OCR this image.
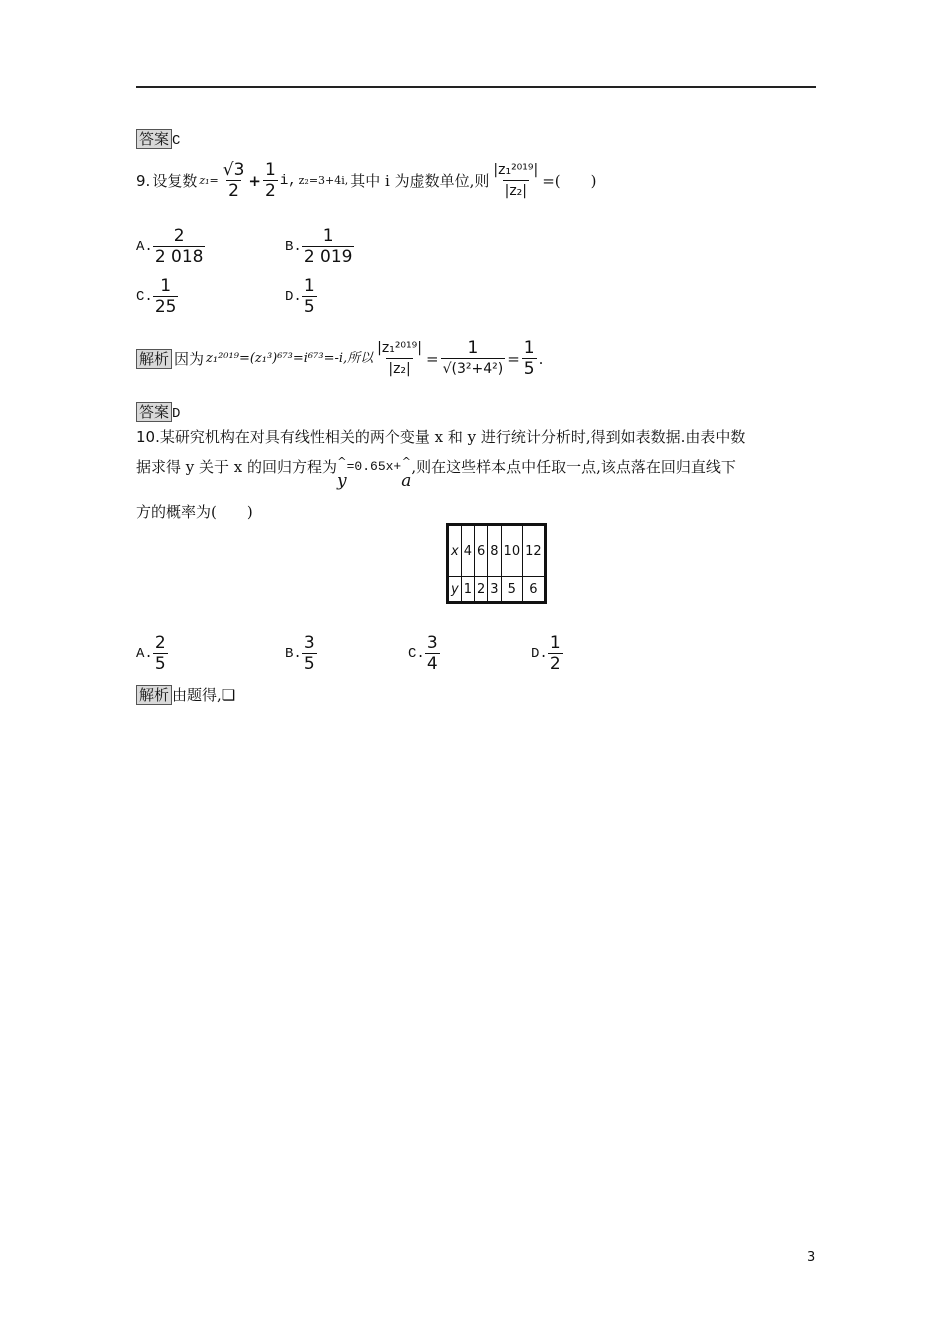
答案 C
9. 设复数 $z_1= \frac{√3}{2} + \frac{1}{2} i$, z₂=3+4i, 其中 i 为虚数单位,则 $\frac{\text{|z₁²⁰¹⁹|}}{\text{|z₂|}}$ =(　　)
A. $\frac{2}{2 018}$	B. $\frac{1}{2 019}$
C. $\frac{1}{25}$	D. $\frac{1}{5}$
解析 因为 z₁²⁰¹⁹=(z₁³)⁶⁷³=i⁶⁷³=-i,所以 $\frac{\text{|z₁²⁰¹⁹|}}{\text{|z₂|}} = \frac{1}{\text{√(3²+4²)}} = \frac{1}{5}$ .
答案 D
10.某研究机构在对具有线性相关的两个变量 x 和 y 进行统计分析时,得到如表数据.由表中数
据求得 y 关于 x 的回归方程为 ^
y
=0.65x+ ^
a
,则在这些样本点中任取一点,该点落在回归直线下
方的概率为(　　)
x	4	6	8	10	12
y	1	2	3	5	6
A. $\frac{2}{5}$	B. $\frac{3}{5}$	C. $\frac{3}{4}$	D. $\frac{1}{2}$
解析 由题得,❏
3
